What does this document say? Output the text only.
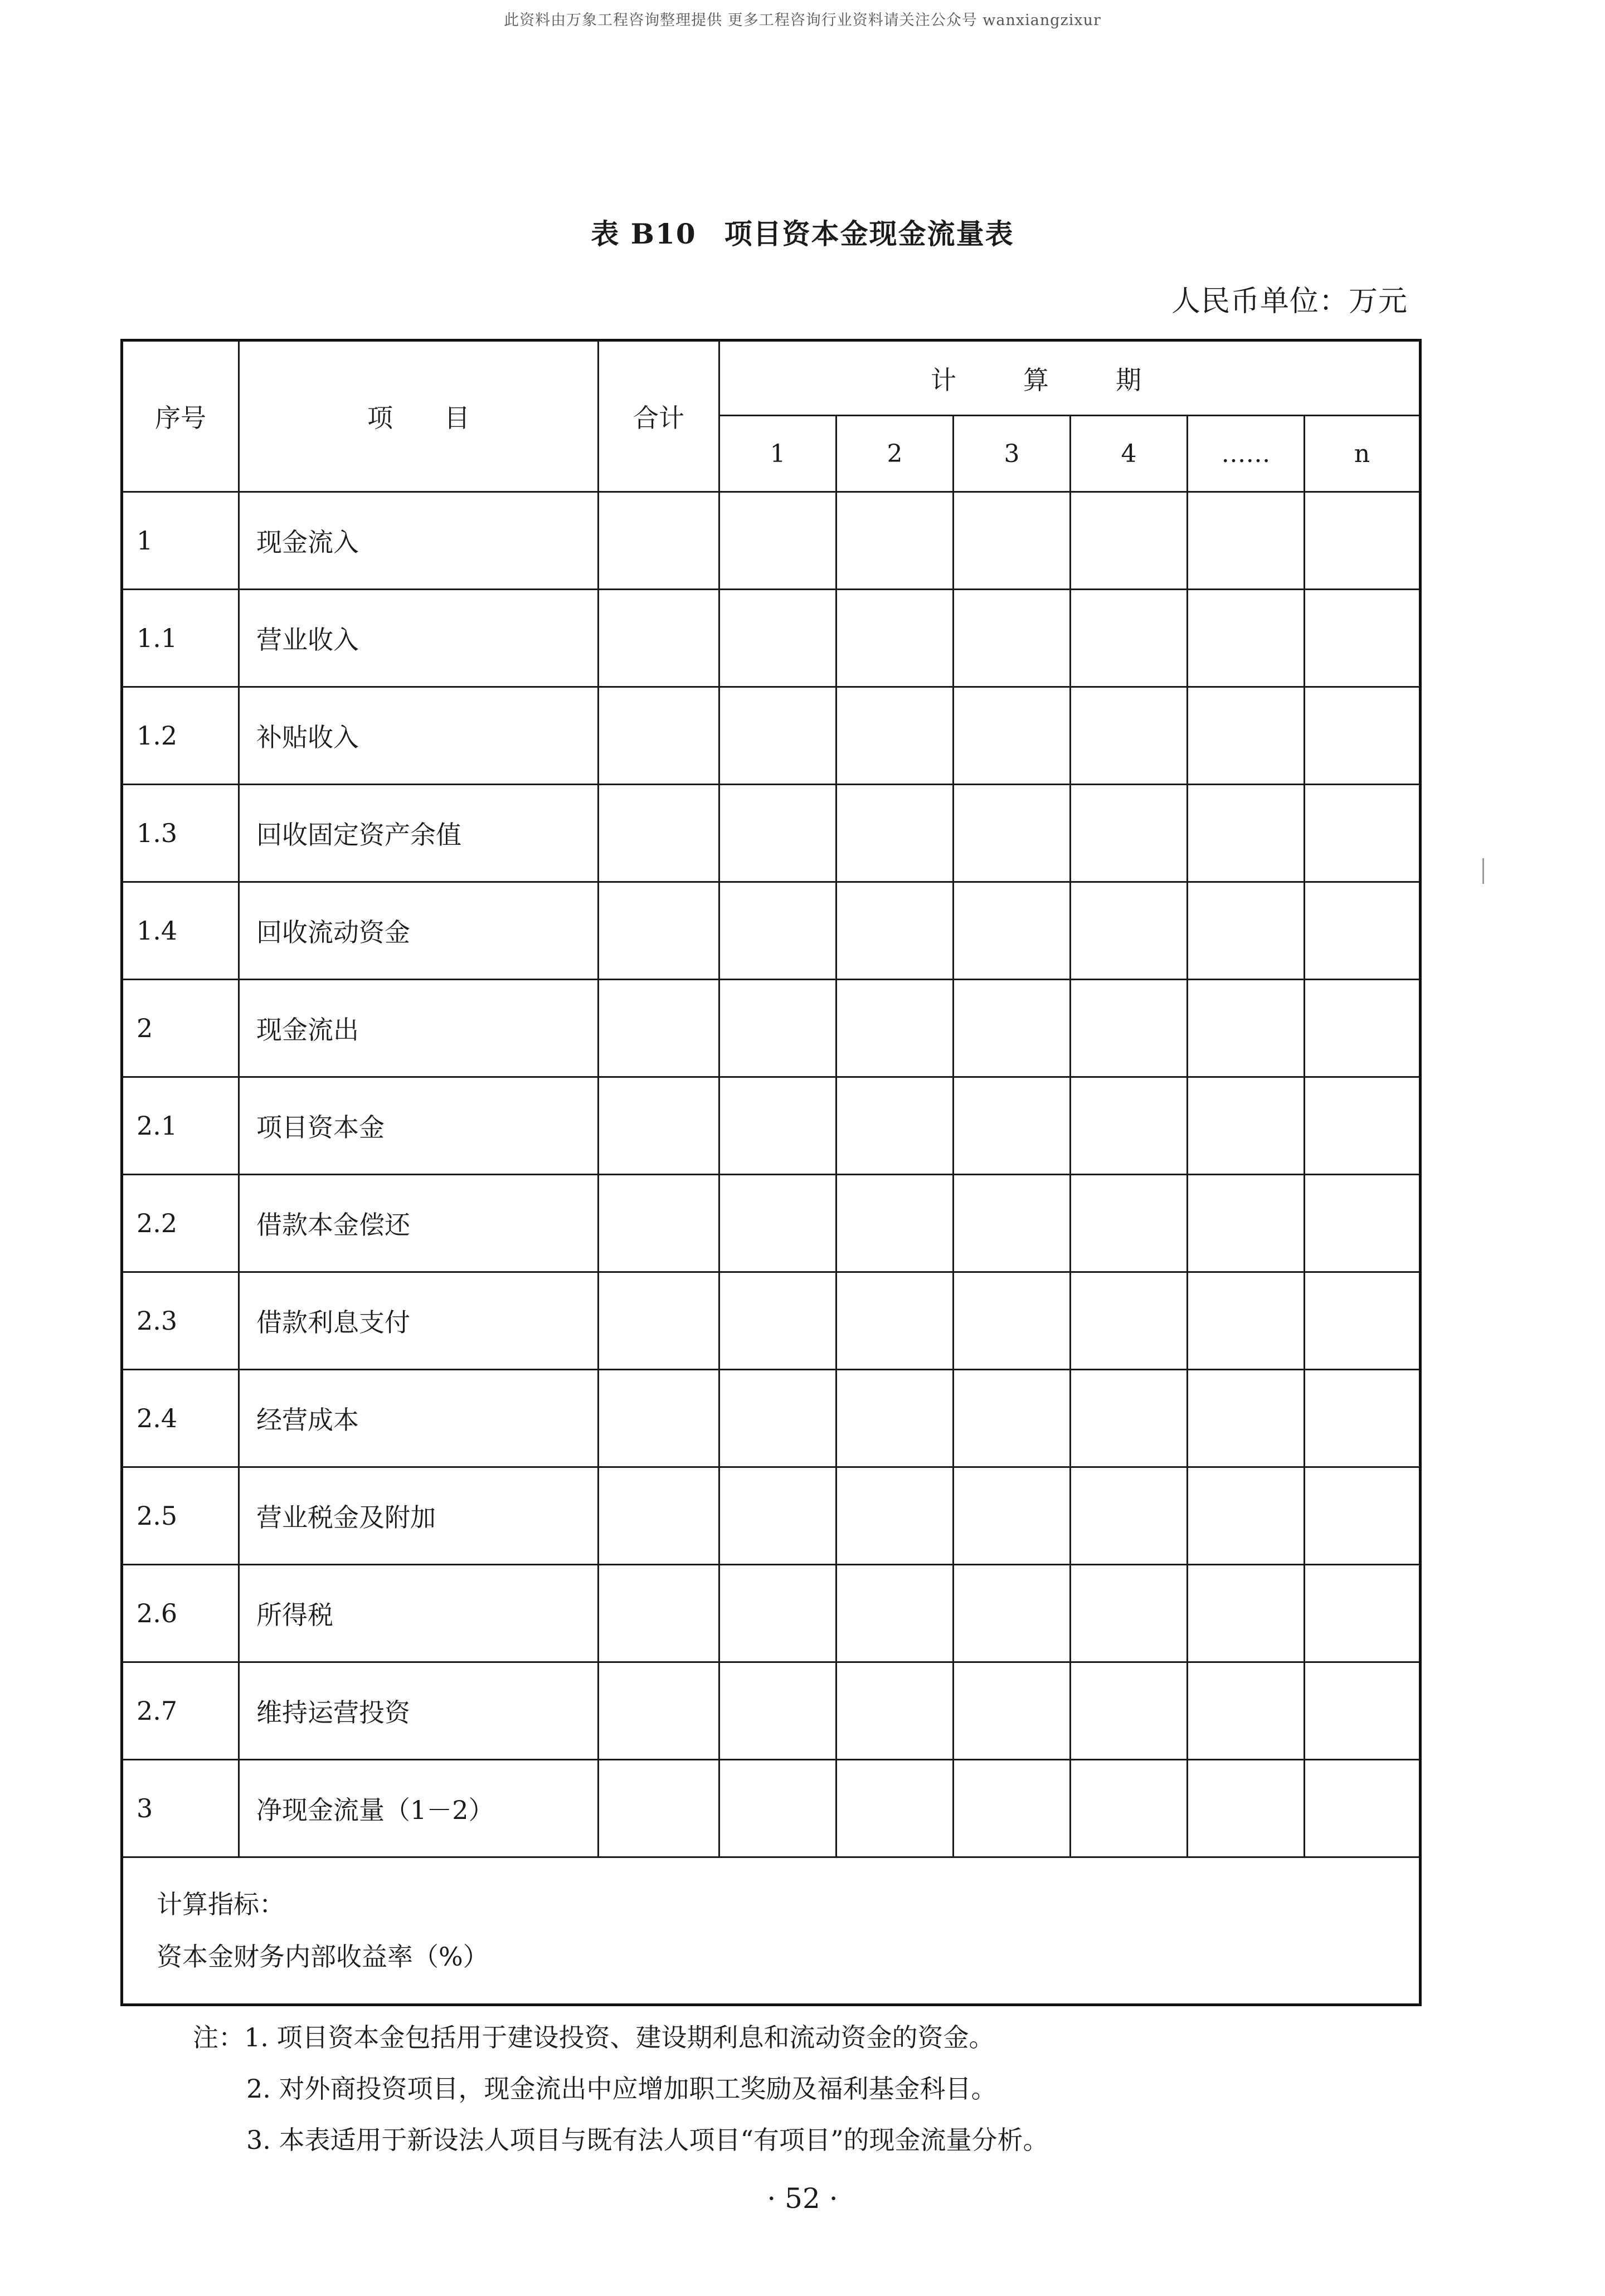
此资料由万象工程咨询整理提供 更多工程咨询行业资料请关注公众号 wanxiangzixur
表 B10 项目资本金现金流量表
人民币单位：万元
序号	项　　目	合计	计算期					
			1	2	3	4	……	n
1	现金流入							
1.1	营业收入							
1.2	补贴收入							
1.3	回收固定资产余值							
1.4	回收流动资金							
2	现金流出							
2.1	项目资本金							
2.2	借款本金偿还							
2.3	借款利息支付							
2.4	经营成本							
2.5	营业税金及附加							
2.6	所得税							
2.7	维持运营投资							
3	净现金流量（1－2）							

计算指标：
资本金财务内部收益率（%）								
注：1. 项目资本金包括用于建设投资、建设期利息和流动资金的资金。
2. 对外商投资项目，现金流出中应增加职工奖励及福利基金科目。
3. 本表适用于新设法人项目与既有法人项目“有项目”的现金流量分析。
· 52 ·
